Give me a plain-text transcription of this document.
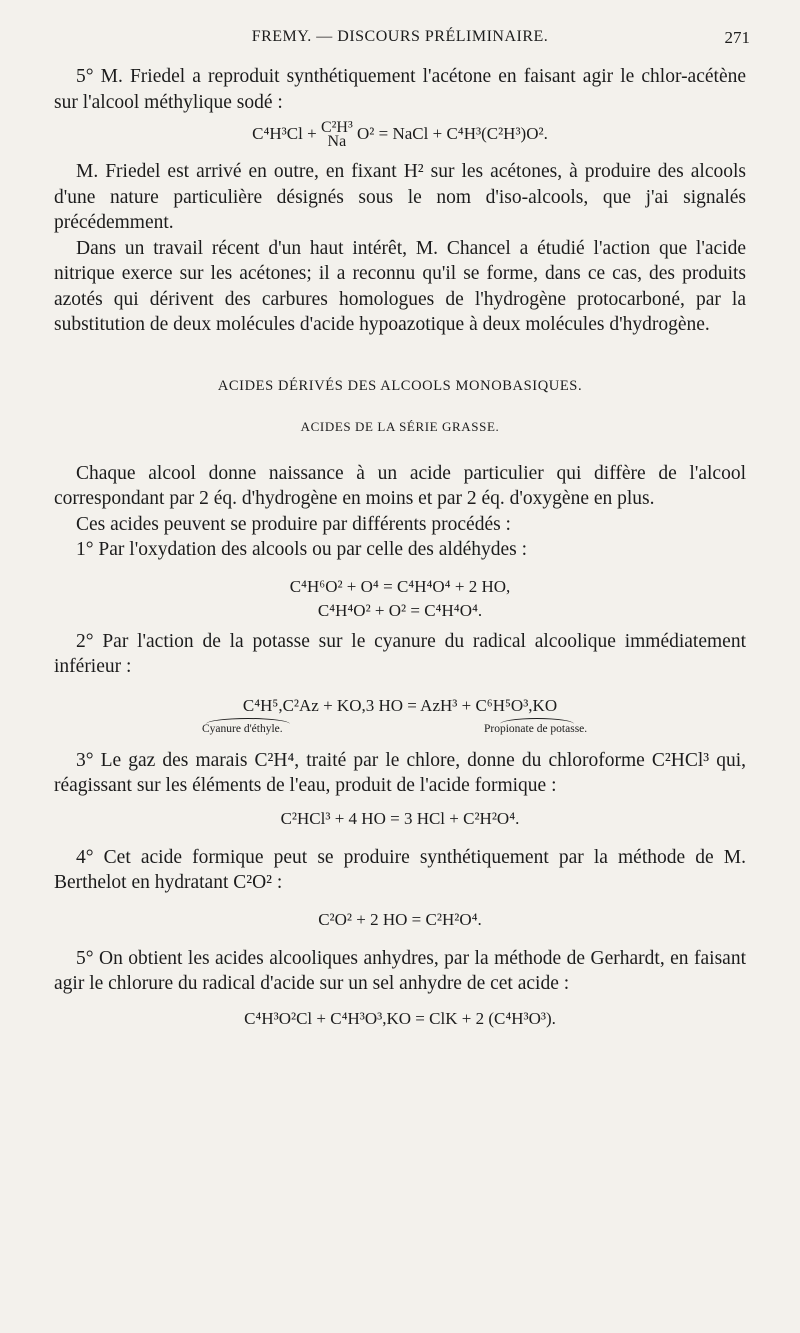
FREMY. — DISCOURS PRÉLIMINAIRE.	271

5° M. Friedel a reproduit synthétiquement l'acétone en faisant agir le chlor-acétène sur l'alcool méthylique sodé :

C⁴H³Cl + C²H³
Na O² = NaCl + C⁴H³(C²H³)O².

M. Friedel est arrivé en outre, en fixant H² sur les acétones, à produire des alcools d'une nature particulière désignés sous le nom d'iso-alcools, que j'ai signalés précédemment.

Dans un travail récent d'un haut intérêt, M. Chancel a étudié l'action que l'acide nitrique exerce sur les acétones; il a reconnu qu'il se forme, dans ce cas, des produits azotés qui dérivent des carbures homologues de l'hydrogène protocarboné, par la substitution de deux molécules d'acide hypoazotique à deux molécules d'hydrogène.

ACIDES DÉRIVÉS DES ALCOOLS MONOBASIQUES.
ACIDES DE LA SÉRIE GRASSE.

Chaque alcool donne naissance à un acide particulier qui diffère de l'alcool correspondant par 2 éq. d'hydrogène en moins et par 2 éq. d'oxygène en plus.

Ces acides peuvent se produire par différents procédés :

1° Par l'oxydation des alcools ou par celle des aldéhydes :

C⁴H⁶O² + O⁴ = C⁴H⁴O⁴ + 2 HO,
C⁴H⁴O² + O² = C⁴H⁴O⁴.

2° Par l'action de la potasse sur le cyanure du radical alcoolique immédiatement inférieur :

C⁴H⁵,C²Az + KO,3 HO = AzH³ + C⁶H⁵O³,KO
Cyanure d'éthyle.	Propionate de potasse.

3° Le gaz des marais C²H⁴, traité par le chlore, donne du chloroforme C²HCl³ qui, réagissant sur les éléments de l'eau, produit de l'acide formique :

C²HCl³ + 4 HO = 3 HCl + C²H²O⁴.

4° Cet acide formique peut se produire synthétiquement par la méthode de M. Berthelot en hydratant C²O² :

C²O² + 2 HO = C²H²O⁴.

5° On obtient les acides alcooliques anhydres, par la méthode de Gerhardt, en faisant agir le chlorure du radical d'acide sur un sel anhydre de cet acide :

C⁴H³O²Cl + C⁴H³O³,KO = ClK + 2 (C⁴H³O³).
